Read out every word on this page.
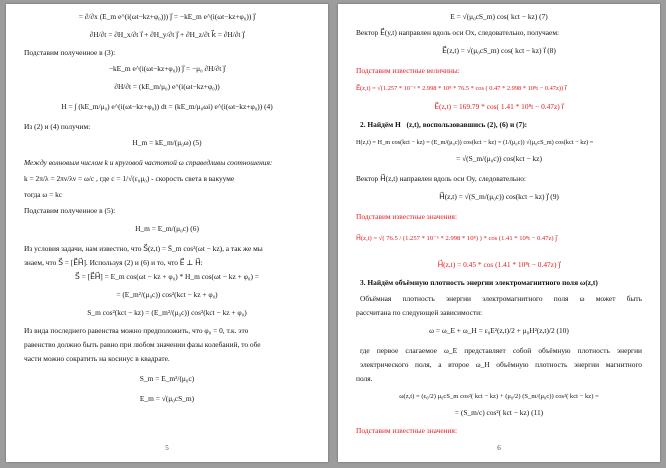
= ∂/∂x (E_m e^(i(ωt−kz+φ₀))) ȷ⃗ = −kE_m e^(i(ωt−kz+φ₀)) ȷ⃗
∂H/∂t = ∂H_x/∂t ı⃗ + ∂H_y/∂t ȷ⃗ + ∂H_z/∂t k⃗ = ∂H/∂t ȷ⃗
Подставим полученное в (3):
−kE_m e^(i(ωt−kz+φ₀)) ȷ⃗ = −μ₀ ∂H/∂t ȷ⃗
∂H/∂t = (kE_m/μ₀) e^(i(ωt−kz+φ₀))
H = ∫ (kE_m/μ₀) e^(i(ωt−kz+φ₀)) dt = (kE_m/μ₀ωi) e^(i(ωt−kz+φ₀)) (4)
Из (2) и (4) получим:
H_m = kE_m/(μ₀ω) (5)
Между волновым числом k и круговой частотой ω справедливы соотношения:
k = 2π/λ = 2πν/λν = ω/c , где c = 1/√(ε₀μ₀) - скорость света в вакууме
тогда ω = kc
Подставим полученное в (5):
H_m = E_m/(μ₀c) (6)
Из условия задачи, нам известно, что S⃗(z,t) = S̄_m cos²(ωt − kz), а так же мы
знаем, что S⃗ = [E⃗H⃗]. Используя (2) и (6) и то, что E⃗ ⊥ H⃗:
S⃗ = [E⃗H⃗] = E_m cos(ωt − kz + φ₀) * H_m cos(ωt − kz + φ₀) =
= (E_m²/(μ₀c)) cos²(kct − kz + φ₀)
S_m cos²(kct − kz) = (E_m²/(μ₀c)) cos²(kct − kz + φ₀)
Из вида последнего равенства можно предположить, что φ₀ = 0, т.к. это
равенство должно быть равно при любом значении фазы колебаний, то обе
части можно сократить на косинус в квадрате.
S_m = E_m²/(μ₀c)
E_m = √(μ₀cS_m)
5
E = √(μ₀cS_m) cos( kct − kz) (7)
Вектор E⃗(y,t) направлен вдоль оси Ox, следовательно, получаем:
E⃗(z,t) = √(μ₀cS_m) cos( kct − kz) ı⃗ (8)
Подставим известные величины:
E⃗(z,t) = √(1.257 * 10⁻⁶ * 2.998 * 10⁸ * 76.5 * cos ( 0.47 * 2.998 * 10⁸t − 0.47z)) ı⃗
E⃗(z,t) = 169.79 * cos( 1.41 * 10⁸t − 0.47z) ı⃗
2. Найдём H⃗(z,t), воспользовавшись (2), (6) и (7):
H(z,t) = H_m cos(kct − kz) = (E_m/(μ₀c)) cos(kct − kz) = (1/(μ₀c)) √(μ₀cS_m) cos(kct − kz) =
= √(S_m/(μ₀c)) cos(kct − kz)
Вектор H⃗(z,t) направлен вдоль оси Oy, следовательно:
H⃗(z,t) = √(S_m/(μ₀c)) cos(kct − kz) ȷ⃗ (9)
Подставим известные значения:
H⃗(z,t) = √( 76.5 / (1.257 * 10⁻⁶ * 2.998 * 10⁸) ) * cos (1.41 * 10⁸t − 0.47z) ȷ⃗
H⃗(z,t) = 0.45 * cos (1.41 * 10⁸t − 0.47z) ȷ⃗
3. Найдём объёмную плотность энергии электромагнитного поля ω(z,t)
Объёмная плотность энергии электромагнитного поля ω может быть
рассчитана по следующей зависимости:
ω = ω_E + ω_H = ε₀E²(z,t)/2 + μ₀H²(z,t)/2 (10)
где первое слагаемое ω_E представляет собой объёмную плотность энергии
электрического поля, а второе ω_H объёмную плотность энергии магнитного
поля.
ω(z,t) = (ε₀/2) μ₀cS_m cos²( kct − kz) + (μ₀/2) (S_m/(μ₀c)) cos²( kct − kz) =
= (S_m/c) cos²( kct − kz) (11)
Подставим известные значения:
6
